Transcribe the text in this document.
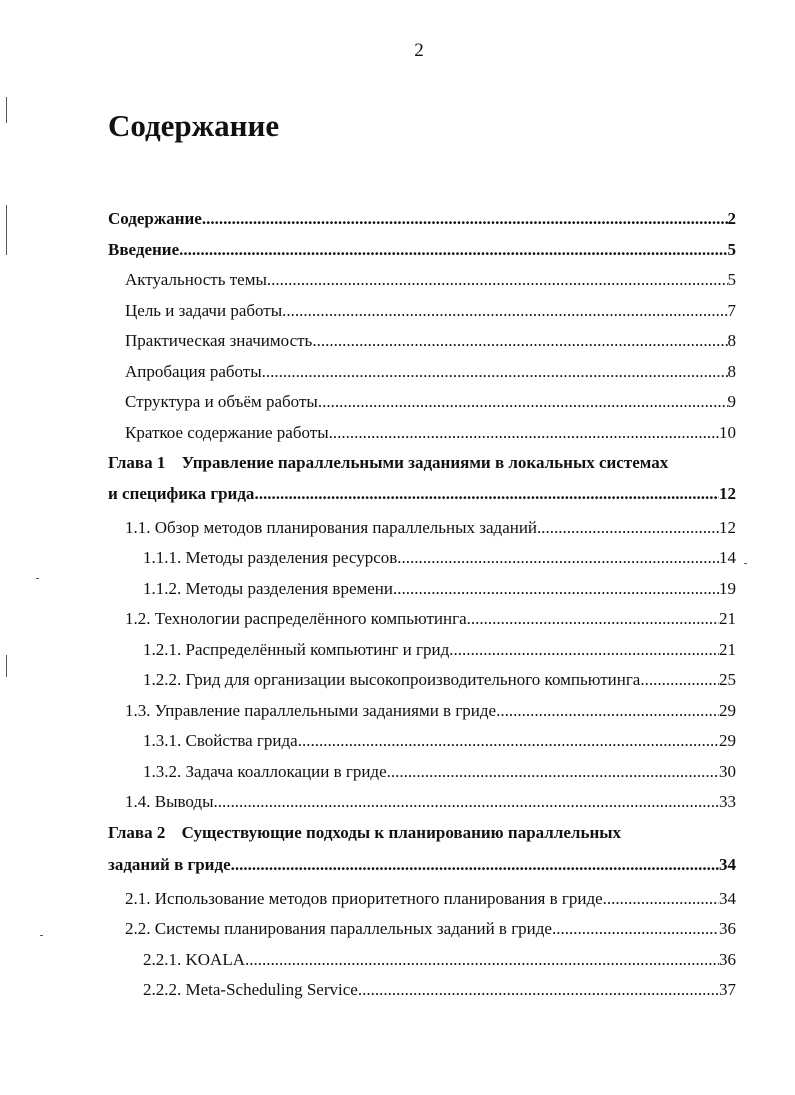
2
Содержание
Содержание .....	2
Введение .....	5
Актуальность темы .....	5
Цель и задачи работы .....	7
Практическая значимость .....	8
Апробация работы .....	8
Структура и объём работы .....	9
Краткое содержание работы .....	10
Глава 1 Управление параллельными заданиями в локальных системах
и специфика грида .....	12
1.1. Обзор методов планирования параллельных заданий .....	12
1.1.1. Методы разделения ресурсов .....	14
1.1.2. Методы разделения времени .....	19
1.2. Технологии распределённого компьютинга .....	21
1.2.1. Распределённый компьютинг и грид .....	21
1.2.2. Грид для организации высокопроизводительного компьютинга .....	25
1.3. Управление параллельными заданиями в гриде .....	29
1.3.1. Свойства грида .....	29
1.3.2. Задача коаллокации в гриде .....	30
1.4. Выводы .....	33
Глава 2 Существующие подходы к планированию параллельных
заданий в гриде .....	34
2.1. Использование методов приоритетного планирования в гриде .....	34
2.2. Системы планирования параллельных заданий в гриде .....	36
2.2.1. KOALA .....	36
2.2.2. Meta-Scheduling Service .....	37
